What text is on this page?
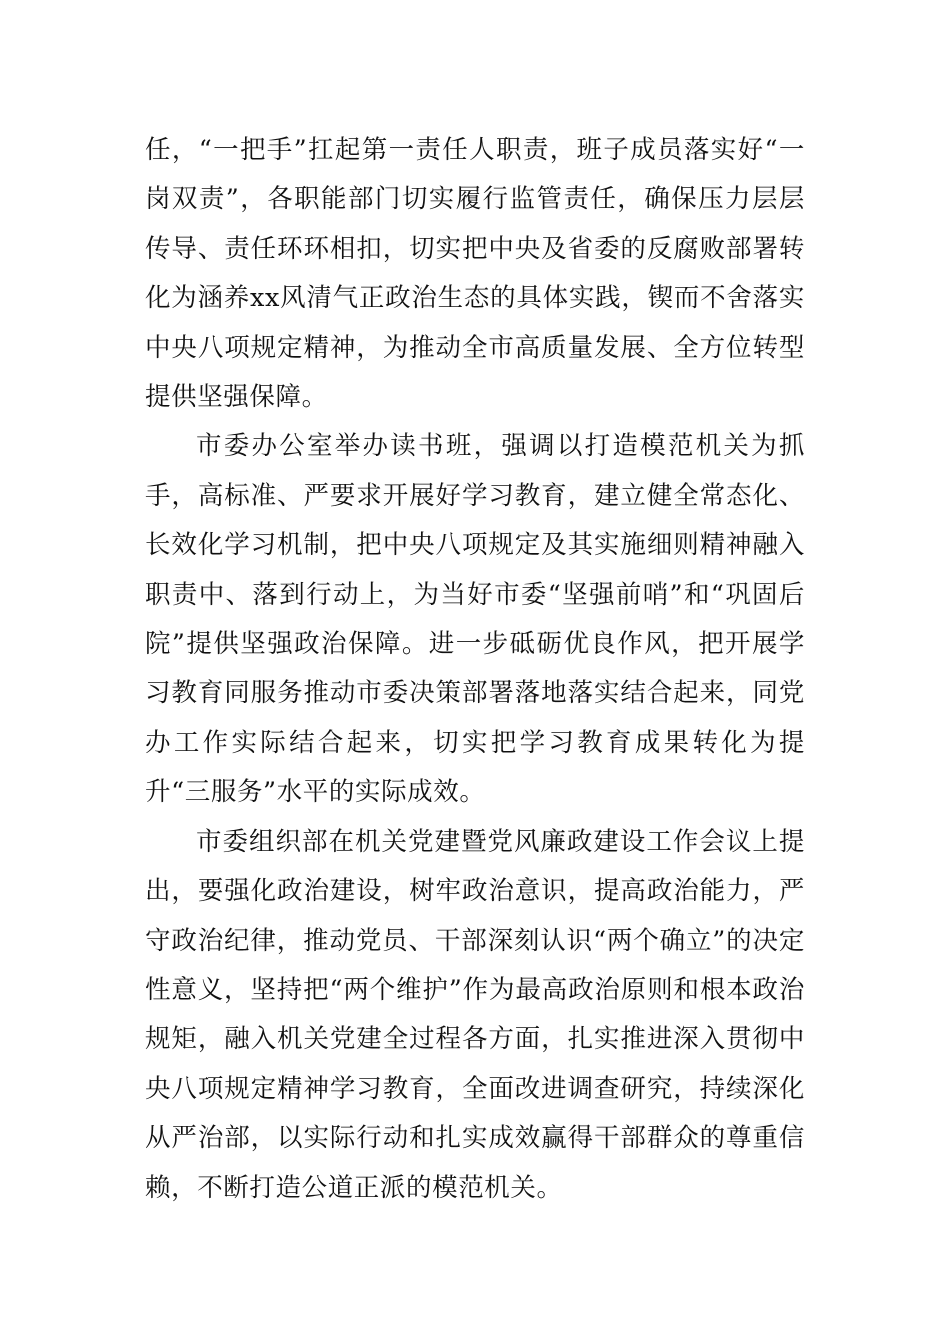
任，“一把手”扛起第一责任人职责，班子成员落实好“一岗双责”，各职能部门切实履行监管责任，确保压力层层传导、责任环环相扣，切实把中央及省委的反腐败部署转化为涵养xx风清气正政治生态的具体实践，锲而不舍落实中央八项规定精神，为推动全市高质量发展、全方位转型提供坚强保障。

市委办公室举办读书班，强调以打造模范机关为抓手，高标准、严要求开展好学习教育，建立健全常态化、长效化学习机制，把中央八项规定及其实施细则精神融入职责中、落到行动上，为当好市委“坚强前哨”和“巩固后院”提供坚强政治保障。进一步砥砺优良作风，把开展学习教育同服务推动市委决策部署落地落实结合起来，同党办工作实际结合起来，切实把学习教育成果转化为提升“三服务”水平的实际成效。

市委组织部在机关党建暨党风廉政建设工作会议上提出，要强化政治建设，树牢政治意识，提高政治能力，严守政治纪律，推动党员、干部深刻认识“两个确立”的决定性意义，坚持把“两个维护”作为最高政治原则和根本政治规矩，融入机关党建全过程各方面，扎实推进深入贯彻中央八项规定精神学习教育，全面改进调查研究，持续深化从严治部，以实际行动和扎实成效赢得干部群众的尊重信赖，不断打造公道正派的模范机关。
